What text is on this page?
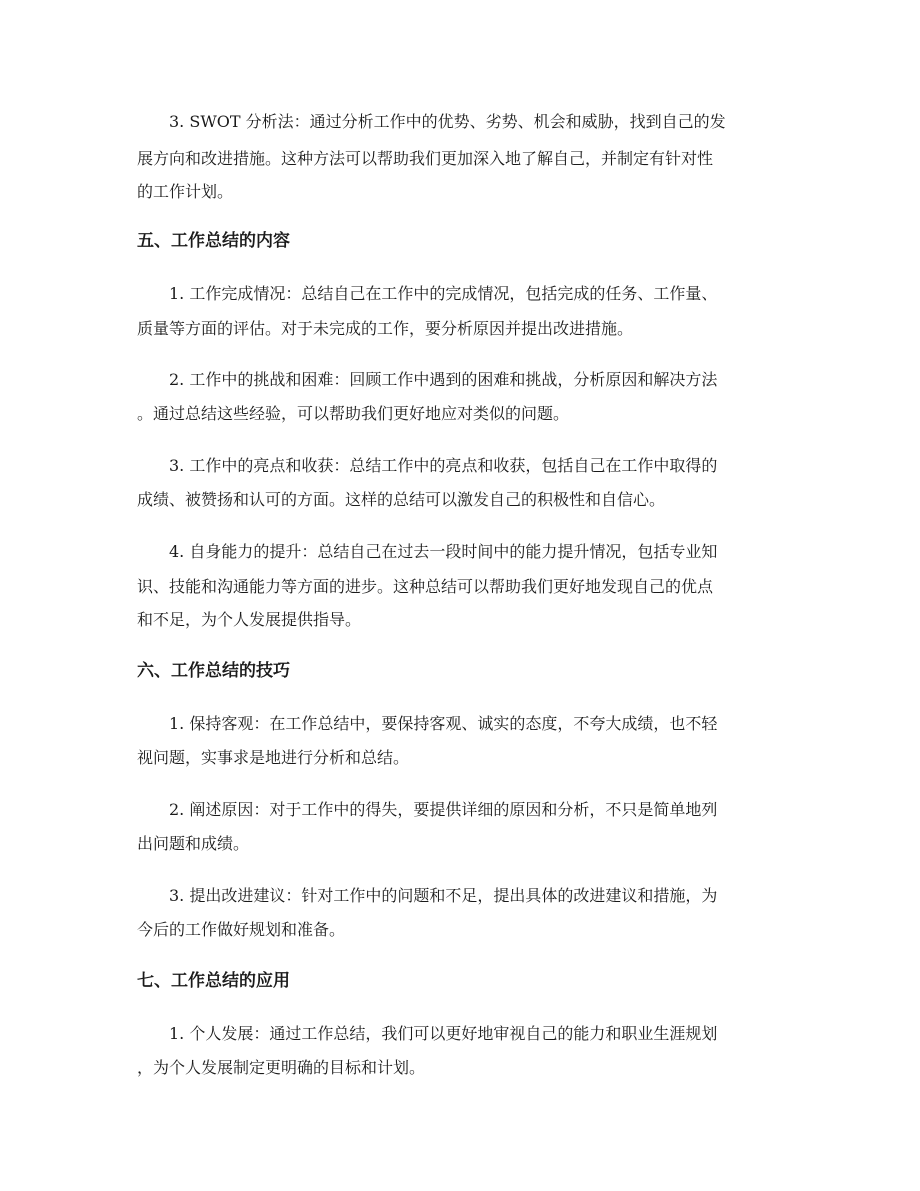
3. SWOT 分析法：通过分析工作中的优势、劣势、机会和威胁，找到自己的发
展方向和改进措施。这种方法可以帮助我们更加深入地了解自己，并制定有针对性
的工作计划。
五、工作总结的内容
1. 工作完成情况：总结自己在工作中的完成情况，包括完成的任务、工作量、
质量等方面的评估。对于未完成的工作，要分析原因并提出改进措施。
2. 工作中的挑战和困难：回顾工作中遇到的困难和挑战，分析原因和解决方法
。通过总结这些经验，可以帮助我们更好地应对类似的问题。
3. 工作中的亮点和收获：总结工作中的亮点和收获，包括自己在工作中取得的
成绩、被赞扬和认可的方面。这样的总结可以激发自己的积极性和自信心。
4. 自身能力的提升：总结自己在过去一段时间中的能力提升情况，包括专业知
识、技能和沟通能力等方面的进步。这种总结可以帮助我们更好地发现自己的优点
和不足，为个人发展提供指导。
六、工作总结的技巧
1. 保持客观：在工作总结中，要保持客观、诚实的态度，不夸大成绩，也不轻
视问题，实事求是地进行分析和总结。
2. 阐述原因：对于工作中的得失，要提供详细的原因和分析，不只是简单地列
出问题和成绩。
3. 提出改进建议：针对工作中的问题和不足，提出具体的改进建议和措施，为
今后的工作做好规划和准备。
七、工作总结的应用
1. 个人发展：通过工作总结，我们可以更好地审视自己的能力和职业生涯规划
，为个人发展制定更明确的目标和计划。
